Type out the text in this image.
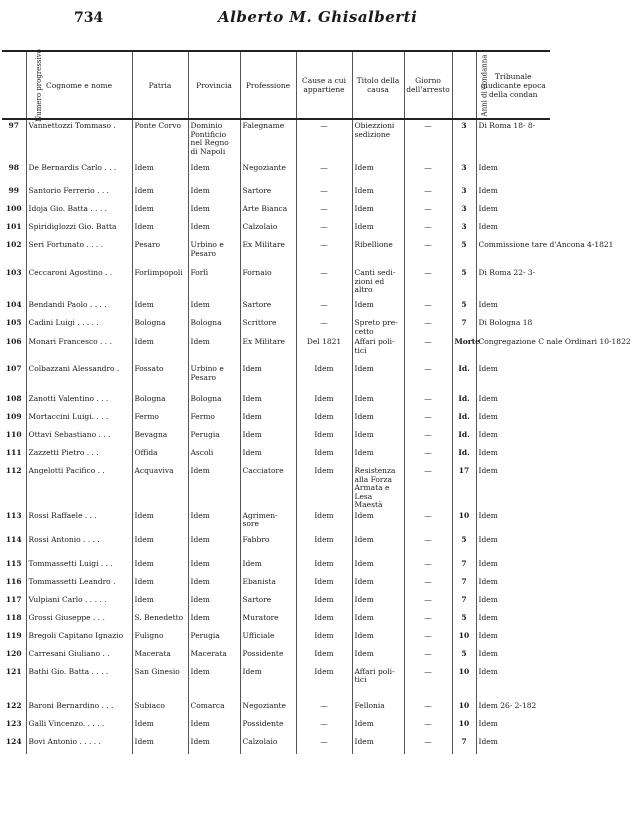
734	Alberto M. Ghisalberti
Numero progressivo	Cognome e nome	Patria	Provincia	Professione	Cause a cui appartiene	Titolo della causa	Giorno dell'arresto	Anni di condanna	Tribunale giudicante epoca della condan
97	Vannettozzi Tommaso .	Ponte Corvo	Dominio Pontificio nel Regno di Napoli	Falegname	—	Obiezzioni sedizione	—	3	Di Roma 18- 8-
98	De Bernardis Carlo . . .	Idem	Idem	Negoziante	—	Idem	—	3	Idem
99	Santorio Ferrerio . . .	Idem	Idem	Sartore	—	Idem	—	3	Idem
100	Idoja Gio. Batta . . . .	Idem	Idem	Arte Bianca	—	Idem	—	3	Idem
101	Spiridiglozzi Gio. Batta	Idem	Idem	Calzolaio	—	Idem	—	3	Idem
102	Seri Fortunato . . . .	Pesaro	Urbino e Pesaro	Ex Militare	—	Ribellione	—	5	Commissione tare d'Ancona 4-1821
103	Ceccaroni Agostino . .	Forlimpopoli	Forlì	Fornaio	—	Canti sedi- zioni ed altro	—	5	Di Roma 22- 3-
104	Bendandi Paolo . . . .	Idem	Idem	Sartore	—	Idem	—	5	Idem
105	Cadini Luigi . . . . .	Bologna	Bologna	Scrittore	—	Spreto pre- cetto	—	7	Di Bologna 18
106	Monari Francesco . . .	Idem	Idem	Ex Militare	Del 1821	Affari poli- tici	—	Morte	Congregazione C nale Ordinari 10-1822
107	Colbazzani Alessandro .	Fossato	Urbino e Pesaro	Idem	Idem	Idem	—	Id.	Idem
108	Zanotti Valentino . . .	Bologna	Bologna	Idem	Idem	Idem	—	Id.	Idem
109	Mortaccini Luigi. . . .	Fermo	Fermo	Idem	Idem	Idem	—	Id.	Idem
110	Ottavi Sebastiano . . .	Bevagna	Perugia	Idem	Idem	Idem	—	Id.	Idem
111	Zazzetti Pietro . . .	Offida	Ascoli	Idem	Idem	Idem	—	Id.	Idem
112	Angelotti Pacifico . .	Acquaviva	Idem	Cacciatore	Idem	Resistenza alla Forza Armata e Lesa Maestà	—	17	Idem
113	Rossi Raffaele . . .	Idem	Idem	Agrimen- sore	Idem	Idem	—	10	Idem
114	Rossi Antonio . . . .	Idem	Idem	Fabbro	Idem	Idem	—	5	Idem
115	Tommassetti Luigi . . .	Idem	Idem	Idem	Idem	Idem	—	7	Idem
116	Tommassetti Leandro .	Idem	Idem	Ebanista	Idem	Idem	—	7	Idem
117	Vulpiani Carlo . . . . .	Idem	Idem	Sartore	Idem	Idem	—	7	Idem
118	Grossi Giuseppe . . .	S. Benedetto	Idem	Muratore	Idem	Idem	—	5	Idem
119	Bregoli Capitano Ignazio	Fuligno	Perugia	Ufficiale	Idem	Idem	—	10	Idem
120	Carresani Giuliano . .	Macerata	Macerata	Possidente	Idem	Idem	—	5	Idem
121	Bathi Gio. Batta . . . .	San Ginesio	Idem	Idem	Idem	Affari poli- tici	—	10	Idem
122	Baroni Bernardino . . .	Subiaco	Comarca	Negoziante	—	Fellonia	—	10	Idem 26- 2-182
123	Galli Vincenzo. . . . .	Idem	Idem	Possidente	—	Idem	—	10	Idem
124	Bovi Antonio . . . . .	Idem	Idem	Calzolaio	—	Idem	—	7	Idem
